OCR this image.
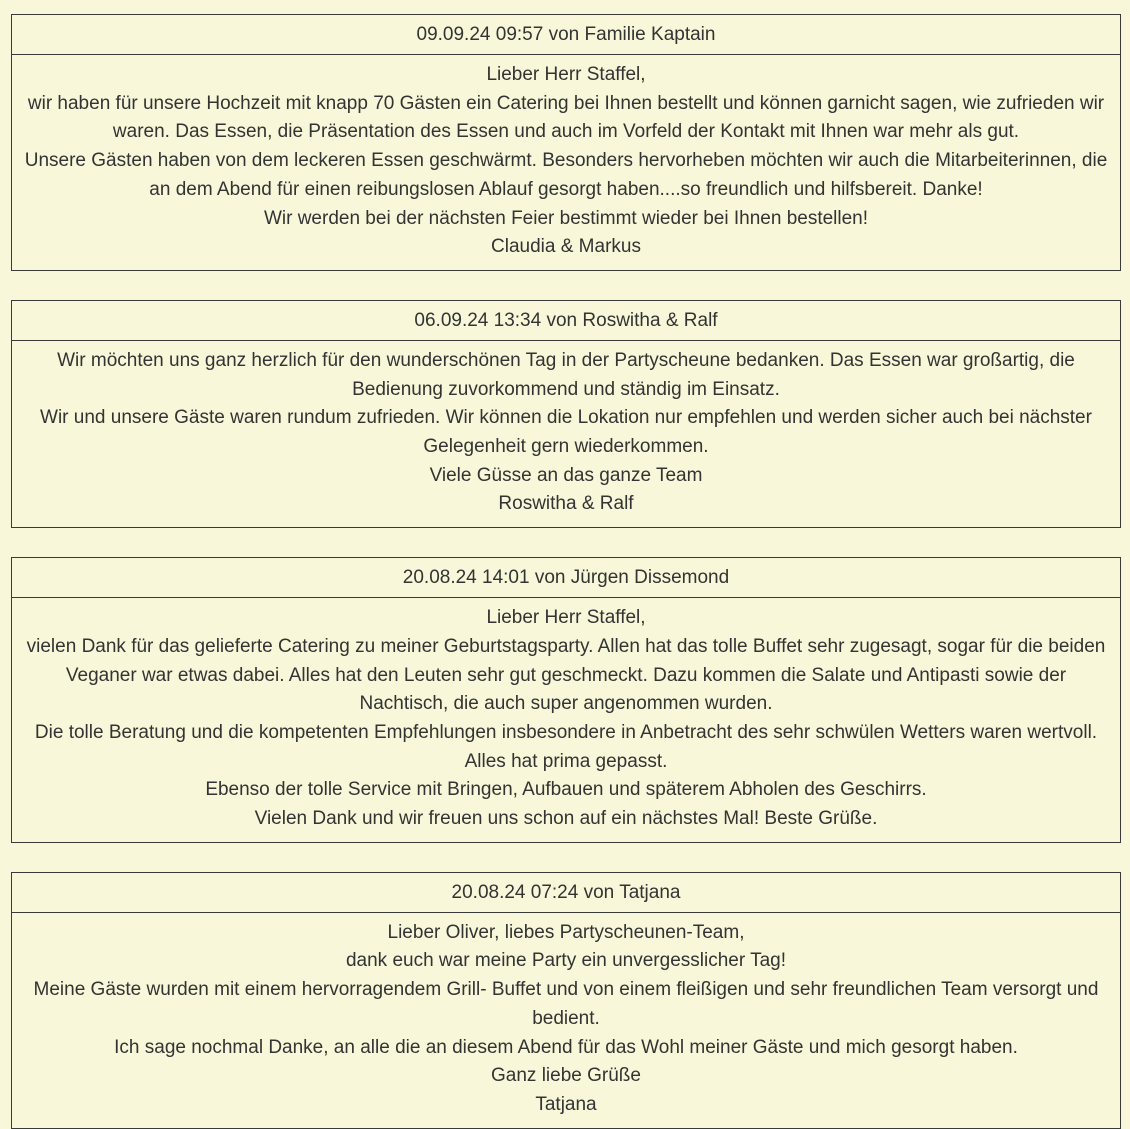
09.09.24 09:57 von Familie Kaptain
Lieber Herr Staffel,
wir haben für unsere Hochzeit mit knapp 70 Gästen ein Catering bei Ihnen bestellt und können garnicht sagen, wie zufrieden wir waren. Das Essen, die Präsentation des Essen und auch im Vorfeld der Kontakt mit Ihnen war mehr als gut.
Unsere Gästen haben von dem leckeren Essen geschwärmt. Besonders hervorheben möchten wir auch die Mitarbeiterinnen, die an dem Abend für einen reibungslosen Ablauf gesorgt haben....so freundlich und hilfsbereit. Danke!
Wir werden bei der nächsten Feier bestimmt wieder bei Ihnen bestellen!
Claudia & Markus
06.09.24 13:34 von Roswitha & Ralf
Wir möchten uns ganz herzlich für den wunderschönen Tag in der Partyscheune bedanken. Das Essen war großartig, die Bedienung zuvorkommend und ständig im Einsatz.
Wir und unsere Gäste waren rundum zufrieden. Wir können die Lokation nur empfehlen und werden sicher auch bei nächster Gelegenheit gern wiederkommen.
Viele Güsse an das ganze Team
Roswitha & Ralf
20.08.24 14:01 von Jürgen Dissemond
Lieber Herr Staffel,
vielen Dank für das gelieferte Catering zu meiner Geburtstagsparty. Allen hat das tolle Buffet sehr zugesagt, sogar für die beiden Veganer war etwas dabei. Alles hat den Leuten sehr gut geschmeckt. Dazu kommen die Salate und Antipasti sowie der Nachtisch, die auch super angenommen wurden.
Die tolle Beratung und die kompetenten Empfehlungen insbesondere in Anbetracht des sehr schwülen Wetters waren wertvoll. Alles hat prima gepasst.
Ebenso der tolle Service mit Bringen, Aufbauen und späterem Abholen des Geschirrs.
Vielen Dank und wir freuen uns schon auf ein nächstes Mal! Beste Grüße.
20.08.24 07:24 von Tatjana
Lieber Oliver, liebes Partyscheunen-Team,
dank euch war meine Party ein unvergesslicher Tag!
Meine Gäste wurden mit einem hervorragendem Grill- Buffet und von einem fleißigen und sehr freundlichen Team versorgt und bedient.
Ich sage nochmal Danke, an alle die an diesem Abend für das Wohl meiner Gäste und mich gesorgt haben.
Ganz liebe Grüße
Tatjana
